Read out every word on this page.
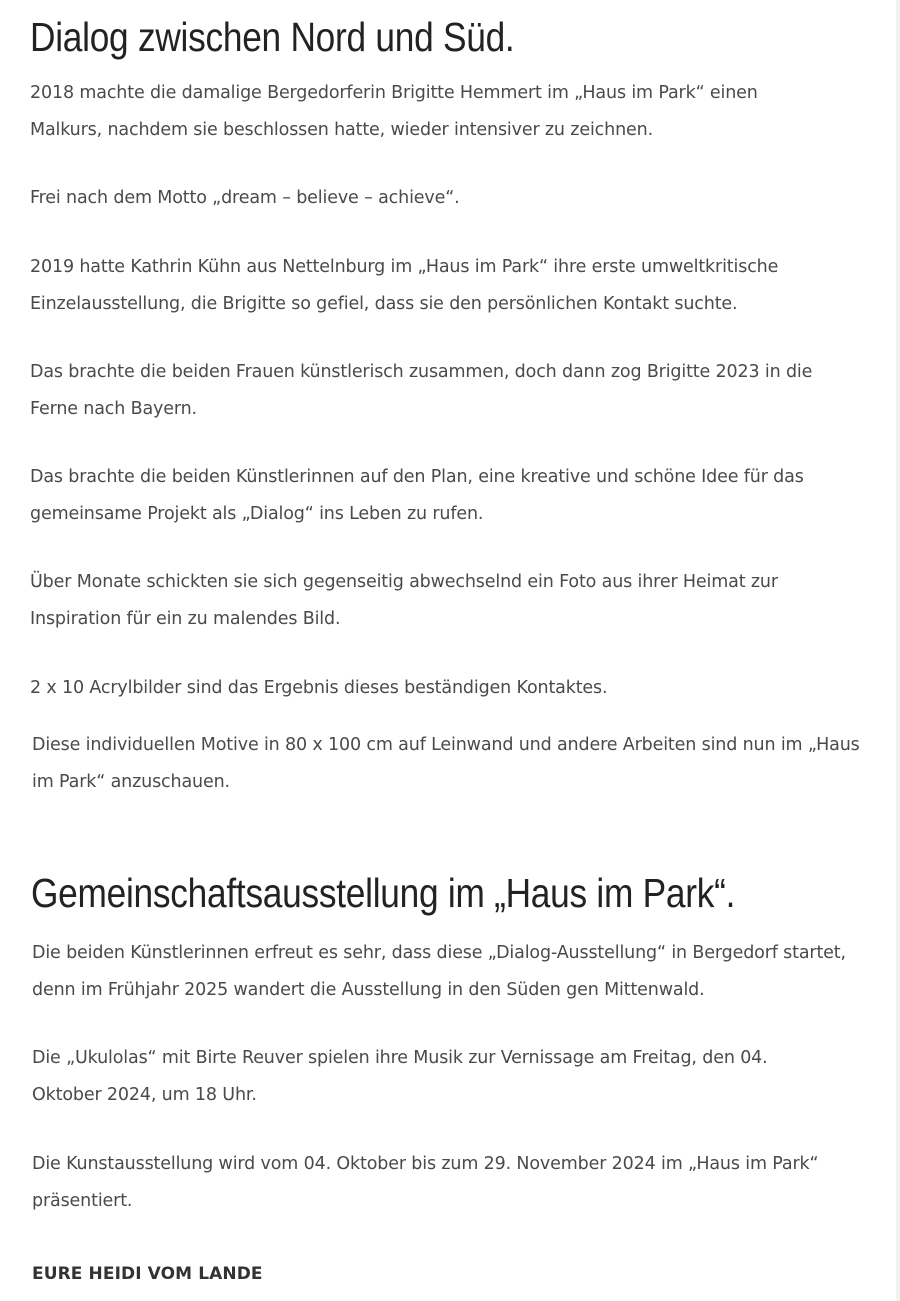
Dialog zwischen Nord und Süd.

2018 machte die damalige Bergedorferin Brigitte Hemmert im „Haus im Park“ einen Malkurs, nachdem sie beschlossen hatte, wieder intensiver zu zeichnen.

Frei nach dem Motto „dream – believe – achieve“.

2019 hatte Kathrin Kühn aus Nettelnburg im „Haus im Park“ ihre erste umweltkritische Einzelausstellung, die Brigitte so gefiel, dass sie den persönlichen Kontakt suchte.

Das brachte die beiden Frauen künstlerisch zusammen, doch dann zog Brigitte 2023 in die Ferne nach Bayern.

Das brachte die beiden Künstlerinnen auf den Plan, eine kreative und schöne Idee für das gemeinsame Projekt als „Dialog“ ins Leben zu rufen.

Über Monate schickten sie sich gegenseitig abwechselnd ein Foto aus ihrer Heimat zur Inspiration für ein zu malendes Bild.

2 x 10 Acrylbilder sind das Ergebnis dieses beständigen Kontaktes.

Diese individuellen Motive in 80 x 100 cm auf Leinwand und andere Arbeiten sind nun im „Haus im Park“ anzuschauen.

Gemeinschaftsausstellung im „Haus im Park“.

Die beiden Künstlerinnen erfreut es sehr, dass diese „Dialog-Ausstellung“ in Bergedorf startet, denn im Frühjahr 2025 wandert die Ausstellung in den Süden gen Mittenwald.

Die „Ukulolas“ mit Birte Reuver spielen ihre Musik zur Vernissage am Freitag, den 04. Oktober 2024, um 18 Uhr.

Die Kunstausstellung wird vom 04. Oktober bis zum 29. November 2024 im „Haus im Park“ präsentiert.

EURE HEIDI VOM LANDE
